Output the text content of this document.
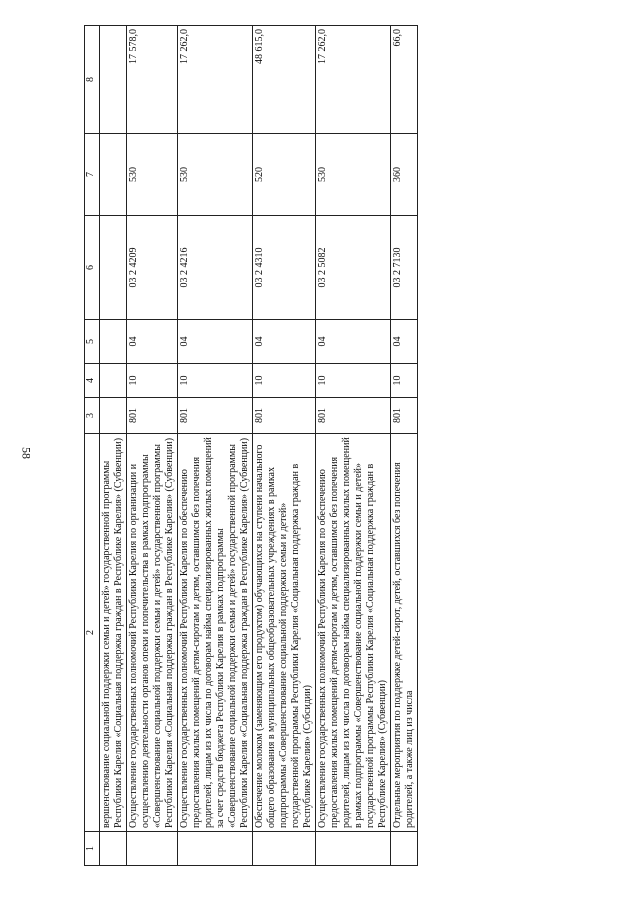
58
1	2	3	4	5	6	7	8
	вершенствование социальной поддержки семьи и детей» государственной программы Республики Карелия «Социальная поддержка граждан в Республике Карелия» (Субвенции)						
	Осуществление государственных полномочий Республики Карелия по организации и осуществлению деятельности органов опеки и попечительства в рамках подпрограммы «Совершенствование социальной поддержки семьи и детей» государственной программы Республики Карелия «Социальная поддержка граждан в Республике Карелия» (Субвенции)	801	10	04	03 2 4209	530	17 578,0
	Осуществление государственных полномочий Республики Карелия по обеспечению предоставления жилых помещений детям-сиротам и детям, оставшимся без попечения родителей, лицам из их числа по договорам найма специализированных жилых помещений за счет средств бюджета Республики Карелия в рамках подпрограммы «Совершенствование социальной поддержки семьи и детей» государственной программы Республики Карелия «Социальная поддержка граждан в Республике Карелия» (Субвенции)	801	10	04	03 2 4216	530	17 262,0
	Обеспечение молоком (заменяющим его продуктом) обучающихся на ступени начального общего образования в муниципальных общеобразовательных учреждениях в рамках подпрограммы «Совершенствование социальной поддержки семьи и детей» государственной программы Республики Карелия «Социальная поддержка граждан в Республике Карелия» (Субсидии)	801	10	04	03 2 4310	520	48 615,0
	Осуществление государственных полномочий Республики Карелия по обеспечению предоставления жилых помещений детям-сиротам и детям, оставшимся без попечения родителей, лицам из их числа по договорам найма специализированных жилых помещений в рамках подпрограммы «Совершенствование социальной поддержки семьи и детей» государственной программы Республики Карелия «Социальная поддержка граждан в Республике Карелия» (Субвенции)	801	10	04	03 2 5082	530	17 262,0
	Отдельные мероприятия по поддержке детей-сирот, детей, оставшихся без попечения родителей, а также лиц из числа	801	10	04	03 2 7130	360	66,0
